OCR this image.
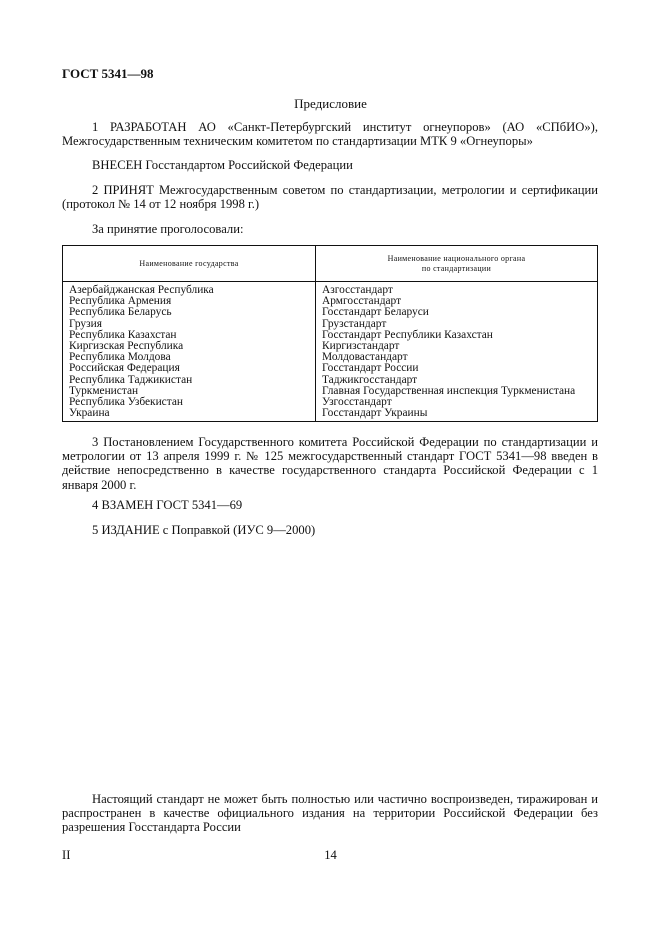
ГОСТ 5341—98
Предисловие
1 РАЗРАБОТАН АО «Санкт-Петербургский институт огнеупоров» (АО «СПбИО»), Межгосударственным техническим комитетом по стандартизации МТК 9 «Огнеупоры»
ВНЕСЕН Госстандартом Российской Федерации
2 ПРИНЯТ Межгосударственным советом по стандартизации, метрологии и сертификации (протокол № 14 от 12 ноября 1998 г.)
За принятие проголосовали:
Наименование государства	Наименование национального органа
по стандартизации
Азербайджанская Республика	Азгосстандарт
Республика Армения	Армгосстандарт
Республика Беларусь	Госстандарт Беларуси
Грузия	Грузстандарт
Республика Казахстан	Госстандарт Республики Казахстан
Киргизская Республика	Киргизстандарт
Республика Молдова	Молдовастандарт
Российская Федерация	Госстандарт России
Республика Таджикистан	Таджикгосстандарт
Туркменистан	Главная Государственная инспекция Туркменистана
Республика Узбекистан	Узгосстандарт
Украина	Госстандарт Украины
3 Постановлением Государственного комитета Российской Федерации по стандартизации и метрологии от 13 апреля 1999 г. № 125 межгосударственный стандарт ГОСТ 5341—98 введен в действие непосредственно в качестве государственного стандарта Российской Федерации с 1 января 2000 г.
4 ВЗАМЕН ГОСТ 5341—69
5 ИЗДАНИЕ с Поправкой (ИУС 9—2000)
Настоящий стандарт не может быть полностью или частично воспроизведен, тиражирован и распространен в качестве официального издания на территории Российской Федерации без разрешения Госстандарта России
II	14
